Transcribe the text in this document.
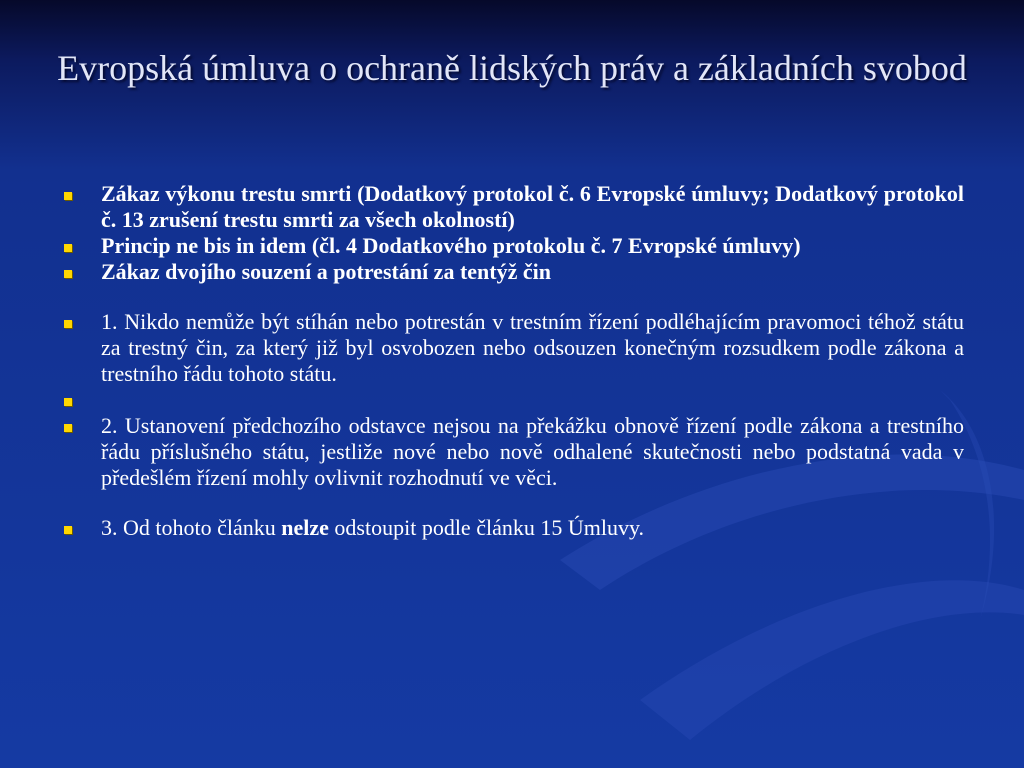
Evropská úmluva o ochraně lidských práv a základních svobod
Zákaz výkonu trestu smrti (Dodatkový protokol č. 6 Evropské úmluvy; Dodatkový protokol č. 13 zrušení trestu smrti za všech okolností)
Princip ne bis in idem (čl. 4 Dodatkového protokolu č. 7 Evropské úmluvy)
Zákaz dvojího souzení a potrestání za tentýž čin
1. Nikdo nemůže být stíhán nebo potrestán v trestním řízení podléhajícím pravomoci téhož státu za trestný čin, za který již byl osvobozen nebo odsouzen konečným rozsudkem podle zákona a trestního řádu tohoto státu.
2. Ustanovení předchozího odstavce nejsou na překážku obnově řízení podle zákona a trestního řádu příslušného státu, jestliže nové nebo nově odhalené skutečnosti nebo podstatná vada v předešlém řízení mohly ovlivnit rozhodnutí ve věci.
3. Od tohoto článku nelze odstoupit podle článku 15 Úmluvy.
